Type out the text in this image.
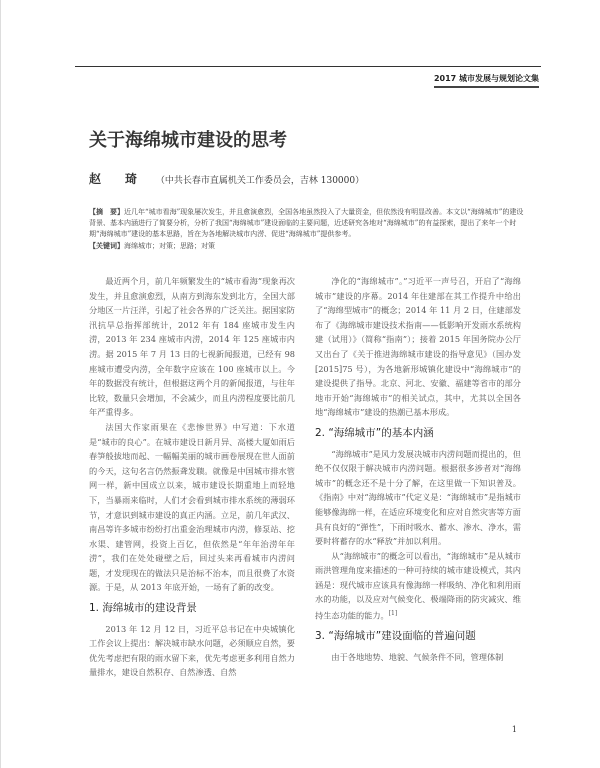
2017 城市发展与规划论文集
关于海绵城市建设的思考
赵　琦 （中共长春市直属机关工作委员会，吉林 130000）
【摘　要】近几年“城市看海”现象屡次发生，并且愈演愈烈，全国各地虽然投入了大量资金，但依然没有明显改善。本文以“海绵城市”的建设背景、基本内涵进行了简要分析，分析了我国“海绵城市”建设面临的主要问题，近述研究各地对“海绵城市”的有益探索，提出了来年一个时期“海绵城市”建设的基本思路，旨在为各地解决城市内涝、促进“海绵城市”提供参考。
【关键词】海绵城市；对策；思路；对策

最近两个月，前几年频繁发生的“城市看海”现象再次发生，并且愈演愈烈，从南方到海东发到北方，全国大部分地区一片汪洋，引起了社会各界的广泛关注。据国家防汛抗旱总指挥部统计，2012 年有 184 座城市发生内涝，2013 年 234 座城市内涝，2014 年 125 座城市内涝。据 2015 年 7 月 13 日的七视新闻报道，已经有 98 座城市遭受内涝，全年数字应该在 100 座城市以上。今年的数据没有统计，但根据这两个月的新闻报道，与往年比较，数量只会增加，不会减少，而且内涝程度要比前几年严重得多。

法国大作家雨果在《悲惨世界》中写道：下水道是“城市的良心”。在城市建设日新月异、高楼大厦如雨后春笋般拔地而起、一幅幅美丽的城市画卷展现在世人面前的今天，这句名言仍然振聋发聩。就像是中国城市排水管网一样，新中国成立以来，城市建设长期重地上而轻地下，当暴雨来临时，人们才会看到城市排水系统的薄弱环节，才意识到城市建设的真正内涵。立足，前几年武汉、南昌等许多城市纷纷打出重金治理城市内涝，修泵站、挖水渠、建管网，投资上百亿，但依然是“年年治涝年年涝”，我们在处处碰壁之后，回过头来再看城市内涝问题，才发现现在的做法只是治标不治本，而且很费了水资源。于是，从 2013 年底开始，一场有了新的改变。

1. 海绵城市的建设背景

2013 年 12 月 12 日，习近平总书记在中央城镇化工作会议上提出：解决城市缺水问题，必须顺应自然，要优先考虑把有限的雨水留下来，优先考虑更多利用自然力量排水，建设自然积存、自然渗透、自然

净化的“海绵城市”。”习近平一声号召，开启了“海绵城市”建设的序幕。2014 年住建部在其工作提升中给出了“海绵型城市”的概念；2014 年 11 月 2 日，住建部发布了《海绵城市建设技术指南——低影响开发雨水系统构建（试用）》（简称“指南”）；接着 2015 年国务院办公厅又出台了《关于推进海绵城市建设的指导意见》（国办发 [2015]75 号），为各地新形城镇化建设中“海绵城市”的建设提供了指导。北京、河北、安徽、福建等省市的部分地市开始“海绵城市”的相关试点，其中，尤其以全国各地“海绵城市”建设的热潮已基本形成。

2. “海绵城市”的基本内涵

“海绵城市”是风力发展决城市内涝问题而提出的，但绝不仅仅限于解决城市内涝问题。根据很多涉者对“海绵城市”的概念还不是十分了解，在这里做一下知识普及。《指南》中对“海绵城市”代定义是：“海绵城市”是指城市能够像海绵一样，在适应环境变化和应对自然灾害等方面具有良好的“弹性”，下雨时吸水、蓄水、渗水、净水，需要时将蓄存的水“释放”并加以利用。

从“海绵城市”的概念可以看出，“海绵城市”是从城市雨洪管理角度来描述的一种可持续的城市建设模式，其内涵是：现代城市应该具有像海绵一样吸纳、净化和利用雨水的功能，以及应对气候变化、极端降雨的防灾减灾、维持生态功能的能力。[1]

3. “海绵城市”建设面临的普遍问题

由于各地地势、地貌、气候条件不同，管理体制

1
